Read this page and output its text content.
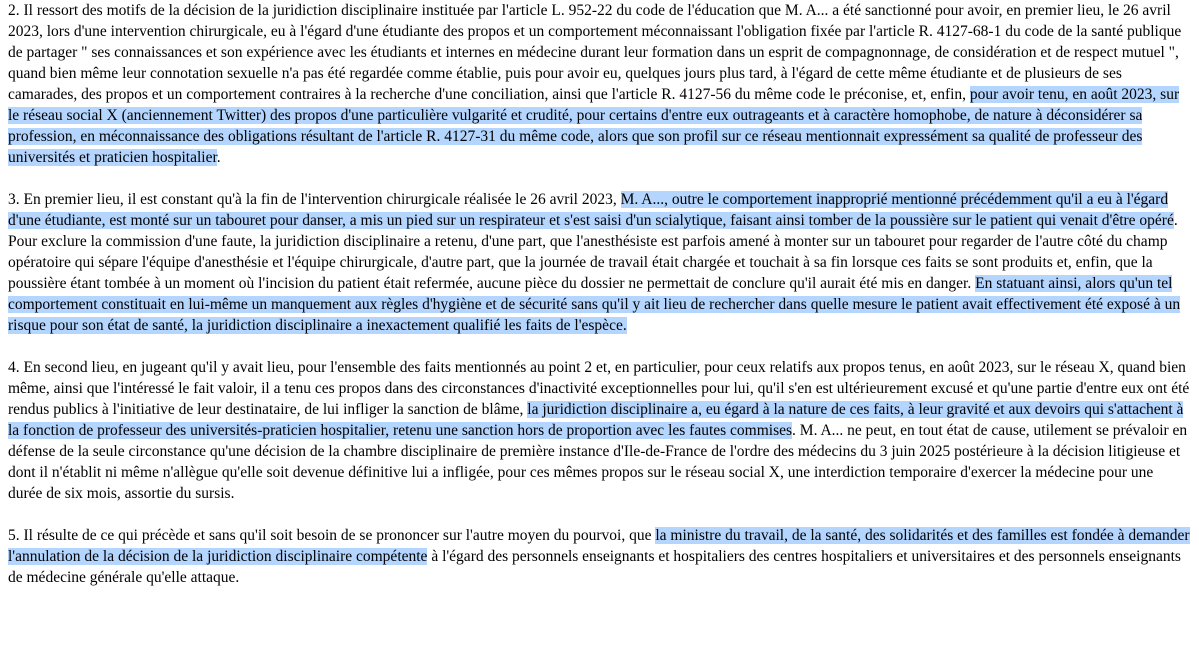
2. Il ressort des motifs de la décision de la juridiction disciplinaire instituée par l'article L. 952-22 du code de l'éducation que M. A... a été sanctionné pour avoir, en premier lieu, le 26 avril 2023, lors d'une intervention chirurgicale, eu à l'égard d'une étudiante des propos et un comportement méconnaissant l'obligation fixée par l'article R. 4127-68-1 du code de la santé publique de partager " ses connaissances et son expérience avec les étudiants et internes en médecine durant leur formation dans un esprit de compagnonnage, de considération et de respect mutuel ", quand bien même leur connotation sexuelle n'a pas été regardée comme établie, puis pour avoir eu, quelques jours plus tard, à l'égard de cette même étudiante et de plusieurs de ses camarades, des propos et un comportement contraires à la recherche d'une conciliation, ainsi que l'article R. 4127-56 du même code le préconise, et, enfin, pour avoir tenu, en août 2023, sur le réseau social X (anciennement Twitter) des propos d'une particulière vulgarité et crudité, pour certains d'entre eux outrageants et à caractère homophobe, de nature à déconsidérer sa profession, en méconnaissance des obligations résultant de l'article R. 4127-31 du même code, alors que son profil sur ce réseau mentionnait expressément sa qualité de professeur des universités et praticien hospitalier.

3. En premier lieu, il est constant qu'à la fin de l'intervention chirurgicale réalisée le 26 avril 2023, M. A..., outre le comportement inapproprié mentionné précédemment qu'il a eu à l'égard d'une étudiante, est monté sur un tabouret pour danser, a mis un pied sur un respirateur et s'est saisi d'un scialytique, faisant ainsi tomber de la poussière sur le patient qui venait d'être opéré. Pour exclure la commission d'une faute, la juridiction disciplinaire a retenu, d'une part, que l'anesthésiste est parfois amené à monter sur un tabouret pour regarder de l'autre côté du champ opératoire qui sépare l'équipe d'anesthésie et l'équipe chirurgicale, d'autre part, que la journée de travail était chargée et touchait à sa fin lorsque ces faits se sont produits et, enfin, que la poussière étant tombée à un moment où l'incision du patient était refermée, aucune pièce du dossier ne permettait de conclure qu'il aurait été mis en danger. En statuant ainsi, alors qu'un tel comportement constituait en lui-même un manquement aux règles d'hygiène et de sécurité sans qu'il y ait lieu de rechercher dans quelle mesure le patient avait effectivement été exposé à un risque pour son état de santé, la juridiction disciplinaire a inexactement qualifié les faits de l'espèce.

4. En second lieu, en jugeant qu'il y avait lieu, pour l'ensemble des faits mentionnés au point 2 et, en particulier, pour ceux relatifs aux propos tenus, en août 2023, sur le réseau X, quand bien même, ainsi que l'intéressé le fait valoir, il a tenu ces propos dans des circonstances d'inactivité exceptionnelles pour lui, qu'il s'en est ultérieurement excusé et qu'une partie d'entre eux ont été rendus publics à l'initiative de leur destinataire, de lui infliger la sanction de blâme, la juridiction disciplinaire a, eu égard à la nature de ces faits, à leur gravité et aux devoirs qui s'attachent à la fonction de professeur des universités-praticien hospitalier, retenu une sanction hors de proportion avec les fautes commises. M. A... ne peut, en tout état de cause, utilement se prévaloir en défense de la seule circonstance qu'une décision de la chambre disciplinaire de première instance d'Ile-de-France de l'ordre des médecins du 3 juin 2025 postérieure à la décision litigieuse et dont il n'établit ni même n'allègue qu'elle soit devenue définitive lui a infligée, pour ces mêmes propos sur le réseau social X, une interdiction temporaire d'exercer la médecine pour une durée de six mois, assortie du sursis.

5. Il résulte de ce qui précède et sans qu'il soit besoin de se prononcer sur l'autre moyen du pourvoi, que la ministre du travail, de la santé, des solidarités et des familles est fondée à demander l'annulation de la décision de la juridiction disciplinaire compétente à l'égard des personnels enseignants et hospitaliers des centres hospitaliers et universitaires et des personnels enseignants de médecine générale qu'elle attaque.
